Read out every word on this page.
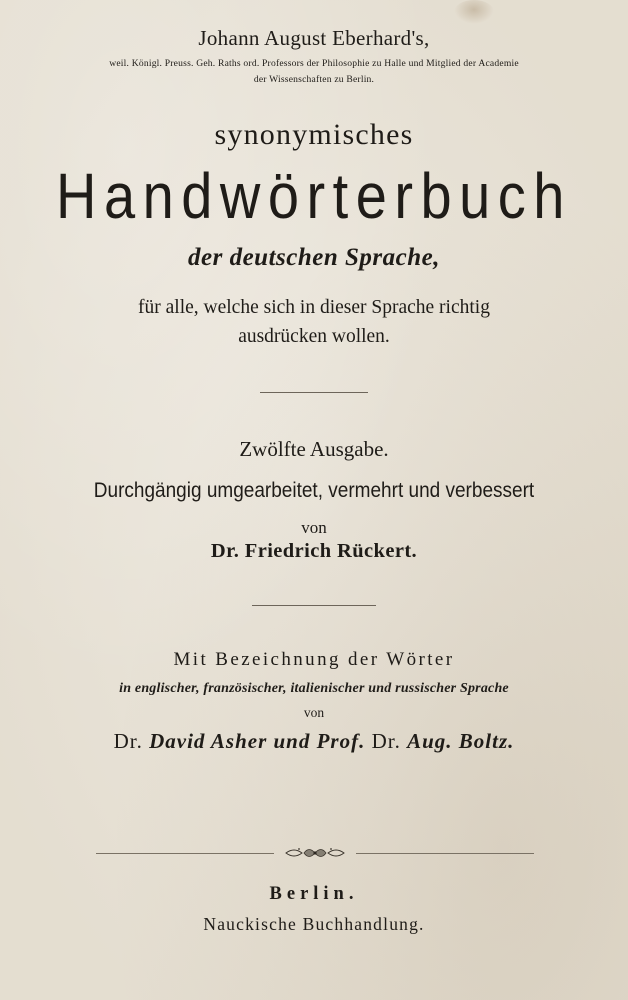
Johann August Eberhard's,
weil. Königl. Preuss. Geh. Raths ord. Professors der Philosophie zu Halle und Mitglied der Academie
der Wissenschaften zu Berlin.
synonymisches
Handwörterbuch
der deutschen Sprache,
für alle, welche sich in dieser Sprache richtig
ausdrücken wollen.
Zwölfte Ausgabe.
Durchgängig umgearbeitet, vermehrt und verbessert
von
Dr. Friedrich Rückert.
Mit Bezeichnung der Wörter
in englischer, französischer, italienischer und russischer Sprache
von
Dr. David Asher und Prof. Dr. Aug. Boltz.
Berlin.
Nauckische Buchhandlung.
